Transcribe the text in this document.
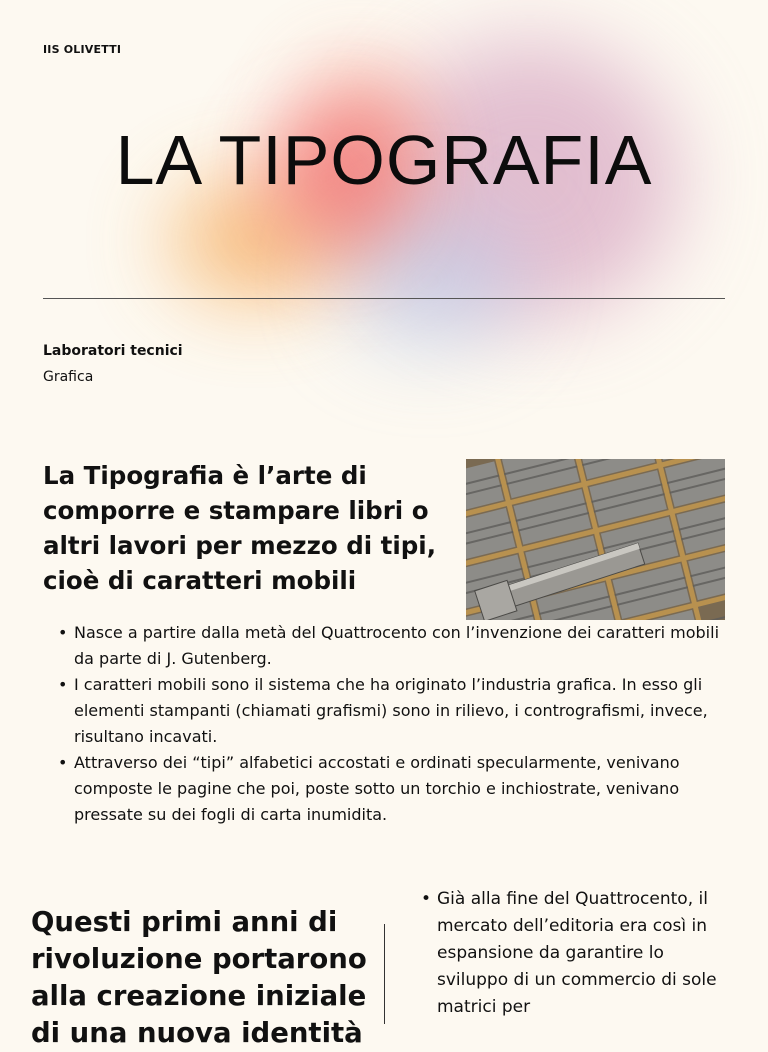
IIS OLIVETTI
LA TIPOGRAFIA
Laboratori tecnici
Grafica

La Tipografia è l’arte di comporre e stampare libri o altri lavori per mezzo di tipi, cioè di caratteri mobili

• Nasce a partire dalla metà del Quattrocento con l’invenzione dei caratteri mobili da parte di J. Gutenberg.
• I caratteri mobili sono il sistema che ha originato l’industria grafica. In esso gli elementi stampanti (chiamati grafismi) sono in rilievo, i contrografismi, invece, risultano incavati.
• Attraverso dei “tipi” alfabetici accostati e ordinati specularmente, venivano composte le pagine che poi, poste sotto un torchio e inchiostrate, venivano pressate su dei fogli di carta inumidita.

Questi primi anni di rivoluzione portarono alla creazione iniziale di una nuova identità

• Già alla fine del Quattrocento, il mercato dell’editoria era così in espansione da garantire lo sviluppo di un commercio di sole matrici per
